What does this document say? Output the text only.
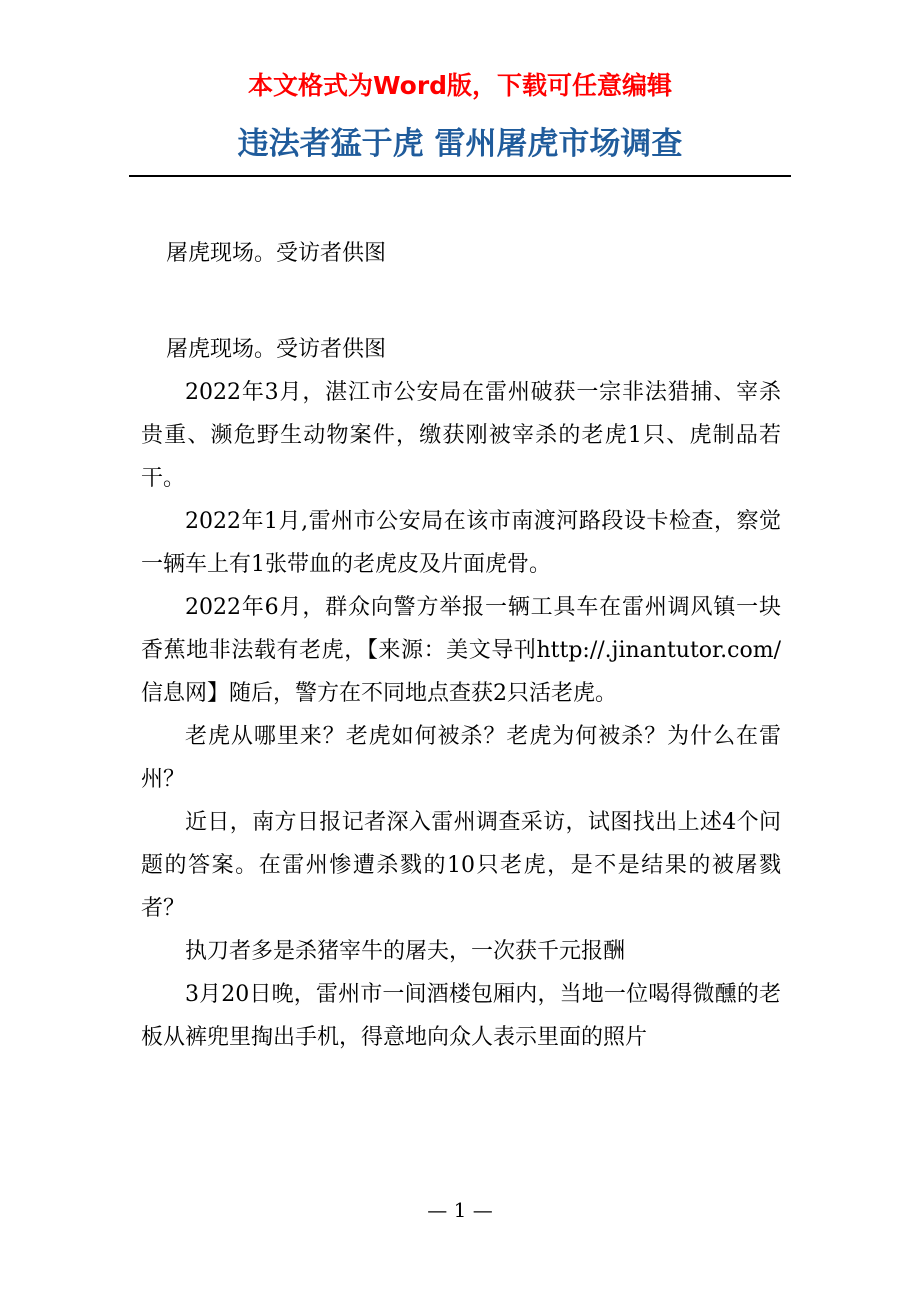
本文格式为Word版，下载可任意编辑
违法者猛于虎 雷州屠虎市场调查

屠虎现场。受访者供图

屠虎现场。受访者供图

2022年3月，湛江市公安局在雷州破获一宗非法猎捕、宰杀贵重、濒危野生动物案件，缴获刚被宰杀的老虎1只、虎制品若干。

2022年1月,雷州市公安局在该市南渡河路段设卡检查，察觉一辆车上有1张带血的老虎皮及片面虎骨。

2022年6月，群众向警方举报一辆工具车在雷州调风镇一块香蕉地非法载有老虎，【来源：美文导刊http://.jinantutor.com/信息网】随后，警方在不同地点查获2只活老虎。

老虎从哪里来？老虎如何被杀？老虎为何被杀？为什么在雷州？

近日，南方日报记者深入雷州调查采访，试图找出上述4个问题的答案。在雷州惨遭杀戮的10只老虎，是不是结果的被屠戮者？

执刀者多是杀猪宰牛的屠夫，一次获千元报酬

3月20日晚，雷州市一间酒楼包厢内，当地一位喝得微醺的老板从裤兜里掏出手机，得意地向众人表示里面的照片

— 1 —
